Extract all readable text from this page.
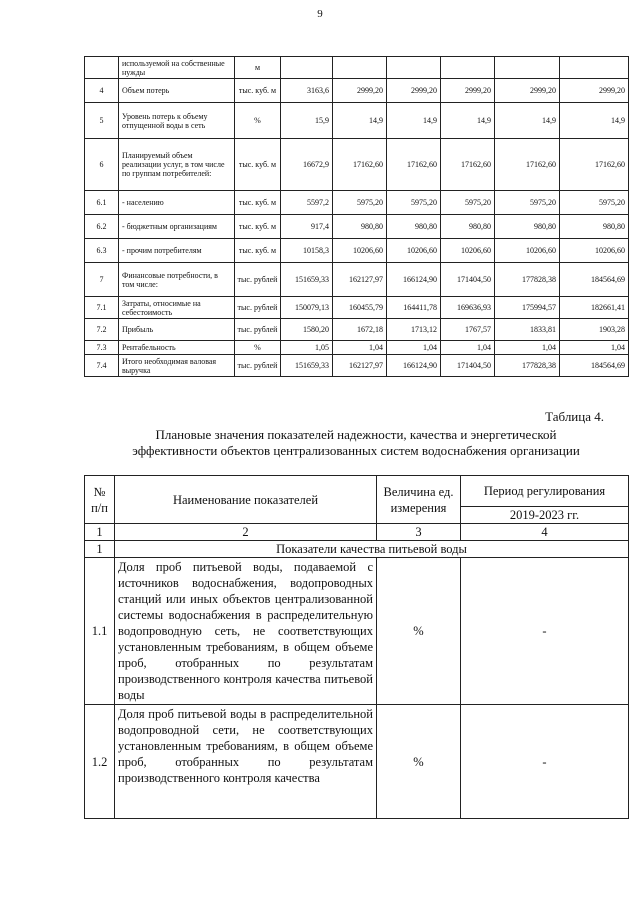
9
	используемой на собственные нужды	м						
4	Объем потерь	тыс. куб. м	3163,6	2999,20	2999,20	2999,20	2999,20	2999,20
5	Уровень потерь к объему отпущенной воды в сеть	%	15,9	14,9	14,9	14,9	14,9	14,9
6	Планируемый объем реализации услуг, в том числе по группам потребителей:	тыс. куб. м	16672,9	17162,60	17162,60	17162,60	17162,60	17162,60
6.1	- населению	тыс. куб. м	5597,2	5975,20	5975,20	5975,20	5975,20	5975,20
6.2	- бюджетным организациям	тыс. куб. м	917,4	980,80	980,80	980,80	980,80	980,80
6.3	- прочим потребителям	тыс. куб. м	10158,3	10206,60	10206,60	10206,60	10206,60	10206,60
7	Финансовые потребности, в том числе:	тыс. рублей	151659,33	162127,97	166124,90	171404,50	177828,38	184564,69
7.1	Затраты, относимые на себестоимость	тыс. рублей	150079,13	160455,79	164411,78	169636,93	175994,57	182661,41
7.2	Прибыль	тыс. рублей	1580,20	1672,18	1713,12	1767,57	1833,81	1903,28
7.3	Рентабельность	%	1,05	1,04	1,04	1,04	1,04	1,04
7.4	Итого необходимая валовая выручка	тыс. рублей	151659,33	162127,97	166124,90	171404,50	177828,38	184564,69
Таблица 4.
Плановые значения показателей надежности, качества и энергетической
эффективности объектов централизованных систем водоснабжения организации
№ п/п	Наименование показателей	Величина ед. измерения	Период регулирования
			2019-2023 гг.
1	2	3	4
1	Показатели качества питьевой воды		
1.1	Доля проб питьевой воды, подаваемой с источников водоснабжения, водопроводных станций или иных объектов централизованной системы водоснабжения в распределительную водопроводную сеть, не соответствующих установленным требованиям, в общем объеме проб, отобранных по результатам производственного контроля качества питьевой воды	%	-
1.2	Доля проб питьевой воды в распределительной водопроводной сети, не соответствующих установленным требованиям, в общем объеме проб, отобранных по результатам производственного контроля качества	%	-
